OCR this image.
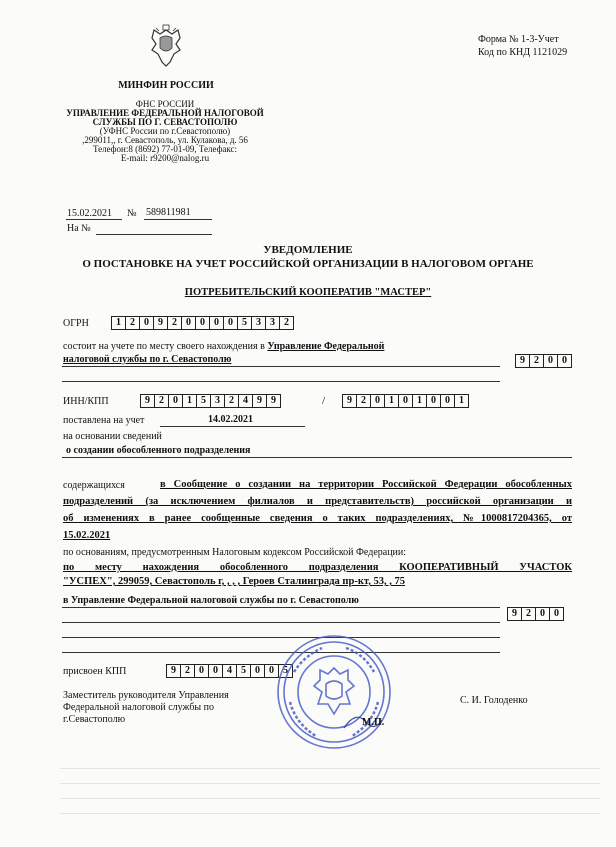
Форма № 1-3-Учет
Код по КНД 1121029
МИНФИН РОССИИ
ФНС РОССИИ
УПРАВЛЕНИЕ ФЕДЕРАЛЬНОЙ НАЛОГОВОЙ
СЛУЖБЫ ПО Г. СЕВАСТОПОЛЮ
(УФНС России по г.Севастополю)
,299011,, г. Севастополь, ул. Кулакова, д. 56
Телефон:8 (8692) 77-01-09, Телефакс:
E-mail: r9200@nalog.ru
15.02.2021 № 589811981
На №
УВЕДОМЛЕНИЕ
О ПОСТАНОВКЕ НА УЧЕТ РОССИЙСКОЙ ОРГАНИЗАЦИИ В НАЛОГОВОМ ОРГАНЕ
ПОТРЕБИТЕЛЬСКИЙ КООПЕРАТИВ "МАСТЕР"
ОГРН	1 2 0 9 2 0 0 0 0 5 3 3 2
состоит на учете по месту своего нахождения в Управление Федеральной
налоговой службы по г. Севастополю	9 2 0 0
ИНН/КПП	9 2 0 1 5 3 2 4 9 9	/	9 2 0 1 0 1 0 0 1
поставлена на учет	14.02.2021
на основании сведений
о создании обособленного подразделения
содержащихся	в Сообщение о создании на территории Российской Федерации обособленных
подразделений (за исключением филиалов и представительств) российской организации и
об изменениях в ранее сообщенные сведения о таких подразделениях, №1000817204365, от
15.02.2021
по основаниям, предусмотренным Налоговым кодексом Российской Федерации:
по месту нахождения обособленного подразделения КООПЕРАТИВНЫЙ УЧАСТОК
"УСПЕХ", 299059, Севастополь г, , , , Героев Сталинграда пр-кт, 53, , 75
в Управление Федеральной налоговой службы по г. Севастополю
9 2 0 0
присвоен КПП	9 2 0 0 4 5 0 0 5
Заместитель руководителя Управления
Федеральной налоговой службы по
г.Севастополю
С. И. Голоденко
М.П.
